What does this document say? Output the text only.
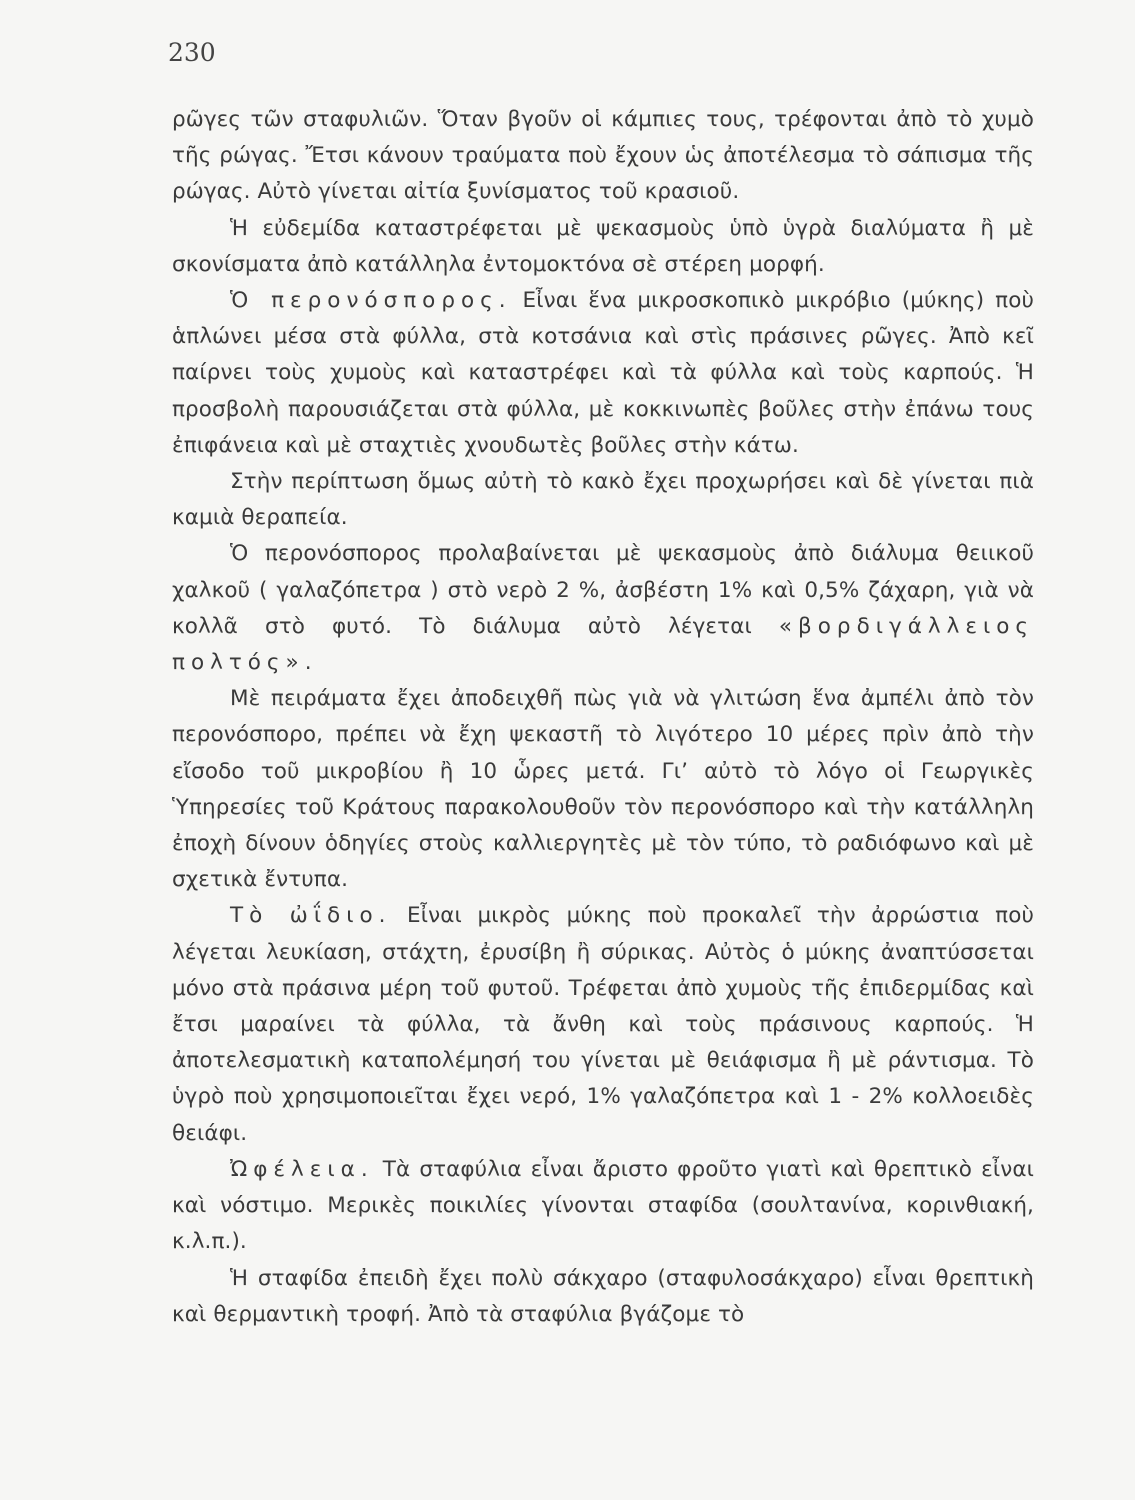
230

ρῶγες τῶν σταφυλιῶν. Ὅταν βγοῦν οἱ κάμπιες τους, τρέφονται ἀπὸ τὸ χυμὸ τῆς ρώγας. Ἔτσι κάνουν τραύματα ποὺ ἔχουν ὡς ἀποτέλεσμα τὸ σάπισμα τῆς ρώγας. Αὐτὸ γίνεται αἰτία ξυνίσματος τοῦ κρασιοῦ.

Ἡ εὐδεμίδα καταστρέφεται μὲ ψεκασμοὺς ὑπὸ ὑγρὰ διαλύματα ἢ μὲ σκονίσματα ἀπὸ κατάλληλα ἐντομοκτόνα σὲ στέρεη μορφή.

Ὁ περονόσπορος. Εἶναι ἕνα μικροσκοπικὸ μικρόβιο (μύκης) ποὺ ἁπλώνει μέσα στὰ φύλλα, στὰ κοτσάνια καὶ στὶς πράσινες ρῶγες. Ἀπὸ κεῖ παίρνει τοὺς χυμοὺς καὶ καταστρέφει καὶ τὰ φύλλα καὶ τοὺς καρπούς. Ἡ προσβολὴ παρουσιάζεται στὰ φύλλα, μὲ κοκκινωπὲς βοῦλες στὴν ἐπάνω τους ἐπιφάνεια καὶ μὲ σταχτιὲς χνουδωτὲς βοῦλες στὴν κάτω.

Στὴν περίπτωση ὅμως αὐτὴ τὸ κακὸ ἔχει προχωρήσει καὶ δὲ γίνεται πιὰ καμιὰ θεραπεία.

Ὁ περονόσπορος προλαβαίνεται μὲ ψεκασμοὺς ἀπὸ διάλυμα θειικοῦ χαλκοῦ ( γαλαζόπετρα ) στὸ νερὸ 2 %, ἀσβέστη 1% καὶ 0,5% ζάχαρη, γιὰ νὰ κολλᾶ στὸ φυτό. Τὸ διάλυμα αὐτὸ λέγεται «βορδιγάλλειος πολτός».

Μὲ πειράματα ἔχει ἀποδειχθῆ πὼς γιὰ νὰ γλιτώση ἕνα ἀμπέλι ἀπὸ τὸν περονόσπορο, πρέπει νὰ ἔχη ψεκαστῆ τὸ λιγότερο 10 μέρες πρὶν ἀπὸ τὴν εἴσοδο τοῦ μικροβίου ἢ 10 ὧρες μετά. Γι’ αὐτὸ τὸ λόγο οἱ Γεωργικὲς Ὑπηρεσίες τοῦ Κράτους παρακολουθοῦν τὸν περονόσπορο καὶ τὴν κατάλληλη ἐποχὴ δίνουν ὁδηγίες στοὺς καλλιεργητὲς μὲ τὸν τύπο, τὸ ραδιόφωνο καὶ μὲ σχετικὰ ἔντυπα.

Τὸ ὠΐδιο. Εἶναι μικρὸς μύκης ποὺ προκαλεῖ τὴν ἀρρώστια ποὺ λέγεται λευκίαση, στάχτη, ἐρυσίβη ἢ σύρικας. Αὐτὸς ὁ μύκης ἀναπτύσσεται μόνο στὰ πράσινα μέρη τοῦ φυτοῦ. Τρέφεται ἀπὸ χυμοὺς τῆς ἐπιδερμίδας καὶ ἔτσι μαραίνει τὰ φύλλα, τὰ ἄνθη καὶ τοὺς πράσινους καρπούς. Ἡ ἀποτελεσματικὴ καταπολέμησή του γίνεται μὲ θειάφισμα ἢ μὲ ράντισμα. Τὸ ὑγρὸ ποὺ χρησιμοποιεῖται ἔχει νερό, 1% γαλαζόπετρα καὶ 1 - 2% κολλοειδὲς θειάφι.

Ὠφέλεια. Τὰ σταφύλια εἶναι ἄριστο φροῦτο γιατὶ καὶ θρεπτικὸ εἶναι καὶ νόστιμο. Μερικὲς ποικιλίες γίνονται σταφίδα (σουλτανίνα, κορινθιακή, κ.λ.π.).

Ἡ σταφίδα ἐπειδὴ ἔχει πολὺ σάκχαρο (σταφυλοσάκχαρο) εἶναι θρεπτικὴ καὶ θερμαντικὴ τροφή. Ἀπὸ τὰ σταφύλια βγάζομε τὸ
